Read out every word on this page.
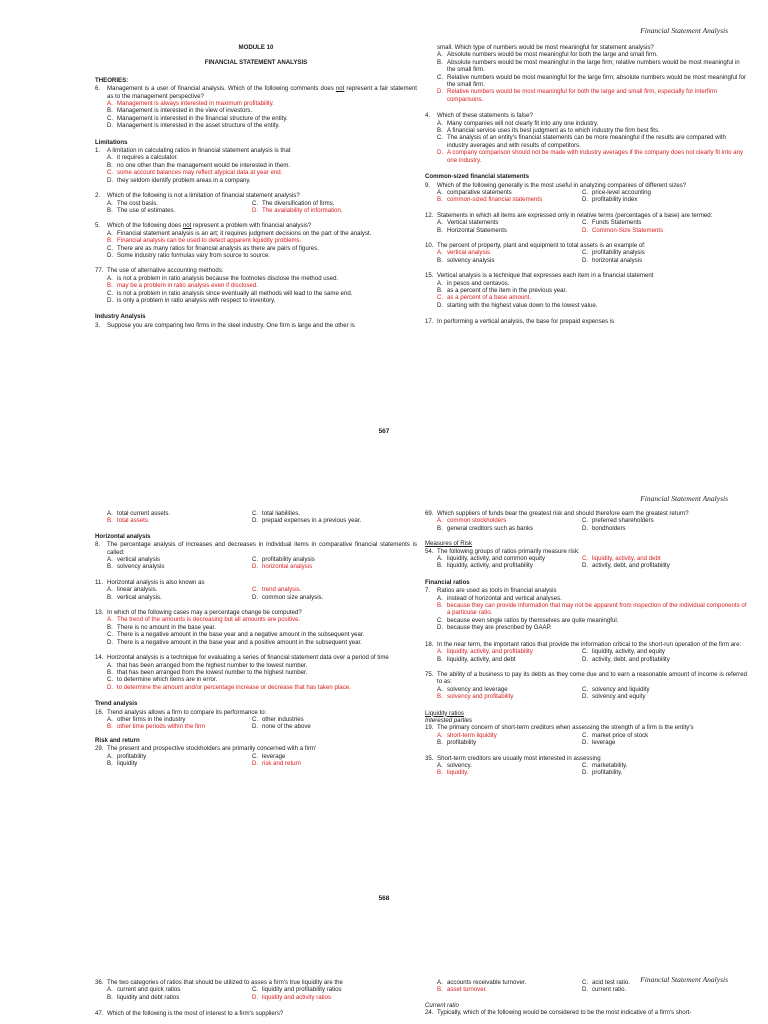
Financial Statement Analysis
MODULE 10
FINANCIAL STATEMENT ANALYSIS
THEORIES:
6.	Management is a user of financial analysis. Which of the following comments does not represent a fair statement as to the management perspective?
A. Management is always interested in maximum profitability.
B. Management is interested in the view of investors.
C. Management is interested in the financial structure of the entity.
D. Management is interested in the asset structure of the entity.
Limitations
1.	A limitation in calculating ratios in financial statement analysis is that
A. it requires a calculator.
B. no one other than the management would be interested in them.
C. some account balances may reflect atypical data at year end.
D. they seldom identify problem areas in a company.
2.	Which of the following is not a limitation of financial statement analysis?
A. The cost basis.	C. The diversification of firms.
B. The use of estimates.	D. The availability of information.
5.	Which of the following does not represent a problem with financial analysis?
A. Financial statement analysis is an art; it requires judgment decisions on the part of the analyst.
B. Financial analysis can be used to detect apparent liquidity problems.
C. There are as many ratios for financial analysis as there are pairs of figures.
D. Some industry ratio formulas vary from source to source.
77. The use of alternative accounting methods:
A. is not a problem in ratio analysis because the footnotes disclose the method used.
B. may be a problem in ratio analysis even if disclosed.
C. is not a problem in ratio analysis since eventually all methods will lead to the same end.
D. is only a problem in ratio analysis with respect to inventory.
Industry Analysis
3.	Suppose you are comparing two firms in the steel industry. One firm is large and the other is
small. Which type of numbers would be most meaningful for statement analysis?
A. Absolute numbers would be most meaningful for both the large and small firm.
B. Absolute numbers would be most meaningful in the large firm; relative numbers would be most meaningful in the small firm.
C. Relative numbers would be most meaningful for the large firm; absolute numbers would be most meaningful for the small firm.
D. Relative numbers would be most meaningful for both the large and small firm, especially for interfirm comparisons.
4.	Which of these statements is false?
A. Many companies will not clearly fit into any one industry.
B. A financial service uses its best judgment as to which industry the firm best fits.
C. The analysis of an entity's financial statements can be more meaningful if the results are compared with industry averages and with results of competitors.
D. A company comparison should not be made with industry averages if the company does not clearly fit into any one industry.
Common-sized financial statements
9.	Which of the following generally is the most useful in analyzing companies of different sizes?
A. comparative statements	C. price-level accounting
B. common-sized financial statements	D. profitability index
12. Statements in which all items are expressed only in relative terms (percentages of a base) are termed:
A. Vertical statements	C. Funds Statements
B. Horizontal Statements	D. Common-Size Statements
10. The percent of property, plant and equipment to total assets is an example of:
A. vertical analysis	C. profitability analysis
B. solvency analysis	D. horizontal analysis
15. Vertical analysis is a technique that expresses each item in a financial statement
A. in pesos and centavos.
B. as a percent of the item in the previous year.
C. as a percent of a base amount.
D. starting with the highest value down to the lowest value.
17. In performing a vertical analysis, the base for prepaid expenses is
567
Financial Statement Analysis
A. total current assets.	C. total liabilities.
B. total assets.	D. prepaid expenses in a previous year.
Horizontal analysis
8.	The percentage analysis of increases and decreases in individual items in comparative financial statements is called:
A. vertical analysis	C. profitability analysis
B. solvency analysis	D. horizontal analysis
11. Horizontal analysis is also known as
A. linear analysis.	C. trend analysis.
B. vertical analysis.	D. common size analysis.
13. In which of the following cases may a percentage change be computed?
A. The trend of the amounts is decreasing but all amounts are positive.
B. There is no amount in the base year.
C. There is a negative amount in the base year and a negative amount in the subsequent year.
D. There is a negative amount in the base year and a positive amount in the subsequent year.
14. Horizontal analysis is a technique for evaluating a series of financial statement data over a period of time
A. that has been arranged from the highest number to the lowest number.
B. that has been arranged from the lowest number to the highest number.
C. to determine which items are in error.
D. to determine the amount and/or percentage increase or decrease that has taken place.
Trend analysis
16. Trend analysis allows a firm to compare its performance to:
A. other firms in the industry	C. other industries
B. other time periods within the firm	D. none of the above
Risk and return
29. The present and prospective stockholders are primarily concerned with a firm'
A. profitability	C. leverage
B. liquidity	D. risk and return
69. Which suppliers of funds bear the greatest risk and should therefore earn the greatest return?
A. common stockholders	C. preferred shareholders
B. general creditors such as banks	D. bondholders
Measures of Risk
54. The following groups of ratios primarily measure risk:
A. liquidity, activity, and common equity	C. liquidity, activity, and debt
B. liquidity, activity, and profitability	D. activity, debt, and profitability
Financial ratios
7.	Ratios are used as tools in financial analysis
A. instead of horizontal and vertical analyses.
B. because they can provide information that may not be apparent from inspection of the individual components of a particular ratio.
C. because even single ratios by themselves are quite meaningful.
D. because they are prescribed by GAAP.
18. In the near term, the important ratios that provide the information critical to the short-run operation of the firm are:
A. liquidity, activity, and profitability	C. liquidity, activity, and equity
B. liquidity, activity, and debt	D. activity, debt, and profitability
75. The ability of a business to pay its debts as they come due and to earn a reasonable amount of income is referred to as:
A. solvency and leverage	C. solvency and liquidity
B. solvency and profitability	D. solvency and equity
Liquidity ratios
Interested parties
19. The primary concern of short-term creditors when assessing the strength of a firm is the entity's
A. short-term liquidity	C. market price of stock
B. profitability	D. leverage
35. Short-term creditors are usually most interested in assessing
A. solvency.	C. marketability.
B. liquidity.	D. profitability.
568
Financial Statement Analysis
36. The two categories of ratios that should be utilized to asses a firm's true liquidity are the
A. current and quick ratios	C. liquidity and profitability ratios
B. liquidity and debt ratios	D. liquidity and activity ratios
47. Which of the following is the most of interest to a firm's suppliers?
A. accounts receivable turnover.	C. acid test ratio.
B. asset turnover.	D. current ratio.
Current ratio
24. Typically, which of the following would be considered to be the most indicative of a firm's short-
